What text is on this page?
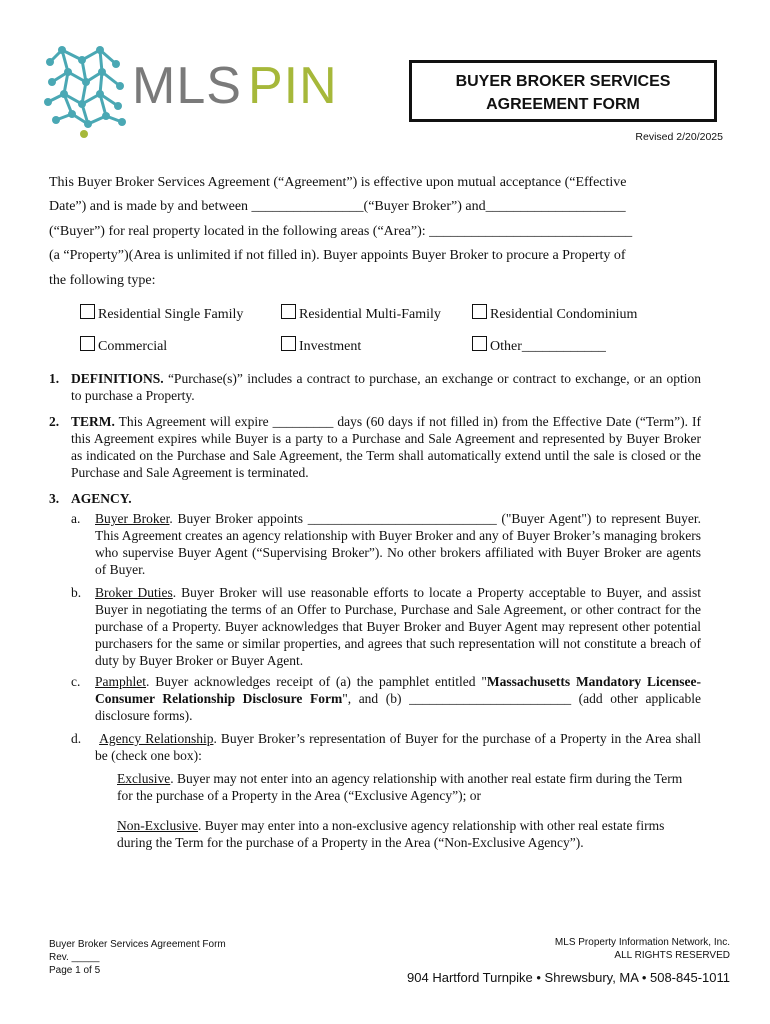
MLS PIN	BUYER BROKER SERVICES
AGREEMENT FORM
Revised 2/20/2025
This Buyer Broker Services Agreement (“Agreement”) is effective upon mutual acceptance (“Effective
Date”) and is made by and between ________________(“Buyer Broker”) and____________________
(“Buyer”) for real property located in the following areas (“Area”): _____________________________
(a “Property”)(Area is unlimited if not filled in). Buyer appoints Buyer Broker to procure a Property of
the following type:
Residential Single Family	Residential Multi-Family	Residential Condominium
Commercial	Investment	Other____________
1. DEFINITIONS. “Purchase(s)” includes a contract to purchase, an exchange or contract to exchange, or an option to purchase a Property.
2. TERM. This Agreement will expire _________ days (60 days if not filled in) from the Effective Date (“Term”). If this Agreement expires while Buyer is a party to a Purchase and Sale Agreement and represented by Buyer Broker as indicated on the Purchase and Sale Agreement, the Term shall automatically extend until the sale is closed or the Purchase and Sale Agreement is terminated.
3. AGENCY.
a. Buyer Broker. Buyer Broker appoints ____________________________ ("Buyer Agent") to represent Buyer. This Agreement creates an agency relationship with Buyer Broker and any of Buyer Broker’s managing brokers who supervise Buyer Agent (“Supervising Broker”). No other brokers affiliated with Buyer Broker are agents of Buyer.
b. Broker Duties. Buyer Broker will use reasonable efforts to locate a Property acceptable to Buyer, and assist Buyer in negotiating the terms of an Offer to Purchase, Purchase and Sale Agreement, or other contract for the purchase of a Property. Buyer acknowledges that Buyer Broker and Buyer Agent may represent other potential purchasers for the same or similar properties, and agrees that such representation will not constitute a breach of duty by Buyer Broker or Buyer Agent.
c. Pamphlet. Buyer acknowledges receipt of (a) the pamphlet entitled "Massachusetts Mandatory Licensee-Consumer Relationship Disclosure Form", and (b) ________________________ (add other applicable disclosure forms).
d.	Agency Relationship. Buyer Broker’s representation of Buyer for the purchase of a Property in the Area shall be (check one box):
Exclusive. Buyer may not enter into an agency relationship with another real estate firm during the Term for the purchase of a Property in the Area (“Exclusive Agency”); or
Non-Exclusive. Buyer may enter into a non-exclusive agency relationship with other real estate firms during the Term for the purchase of a Property in the Area (“Non-Exclusive Agency”).
Buyer Broker Services Agreement Form
Rev. _____
Page 1 of 5
MLS Property Information Network, Inc.
ALL RIGHTS RESERVED
904 Hartford Turnpike • Shrewsbury, MA • 508-845-1011
